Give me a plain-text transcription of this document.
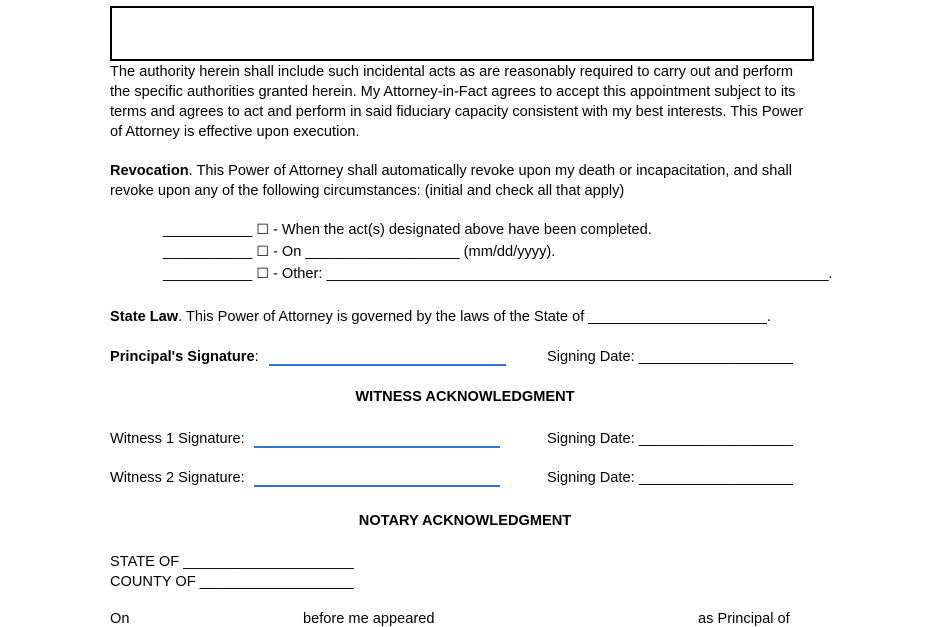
The authority herein shall include such incidental acts as are reasonably required to carry out and perform the specific authorities granted herein. My Attorney-in-Fact agrees to accept this appointment subject to its terms and agrees to act and perform in said fiduciary capacity consistent with my best interests. This Power of Attorney is effective upon execution.
Revocation. This Power of Attorney shall automatically revoke upon my death or incapacitation, and shall revoke upon any of the following circumstances: (initial and check all that apply)
___________ ☐ - When the act(s) designated above have been completed.
___________ ☐ - On ___________________ (mm/dd/yyyy).
___________ ☐ - Other: _______________________________________________________________.
State Law. This Power of Attorney is governed by the laws of the State of ______________________.
Principal's Signature:	Signing Date: ___________________
WITNESS ACKNOWLEDGMENT
Witness 1 Signature:	Signing Date: ___________________
Witness 2 Signature:	Signing Date: ___________________
NOTARY ACKNOWLEDGMENT
STATE OF _____________________
COUNTY OF ___________________
On	before me appeared	as Principal of
